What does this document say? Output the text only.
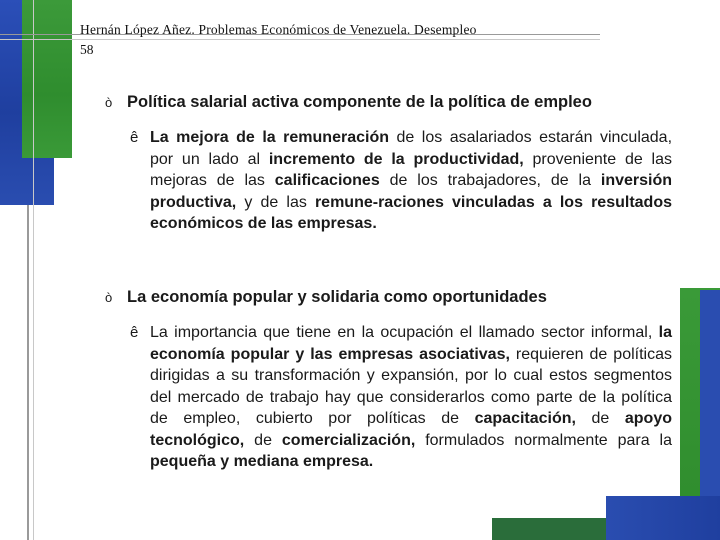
Hernán López Añez. Problemas Económicos de Venezuela. Desempleo

58

ò Política salarial activa componente de la política de empleo
ê La mejora de la remuneración de los asalariados estarán vinculada, por un lado al incremento de la productividad, proveniente de las mejoras de las calificaciones de los trabajadores, de la inversión productiva, y de las remune-raciones vinculadas a los resultados económicos de las empresas.
ò La economía popular y solidaria como oportunidades
ê La importancia que tiene en la ocupación el llamado sector informal, la economía popular y las empresas asociativas, requieren de políticas dirigidas a su transformación y expansión, por lo cual estos segmentos del mercado de trabajo hay que considerarlos como parte de la política de empleo, cubierto por políticas de capacitación, de apoyo tecnológico, de comercialización, formulados normalmente para la pequeña y mediana empresa.
